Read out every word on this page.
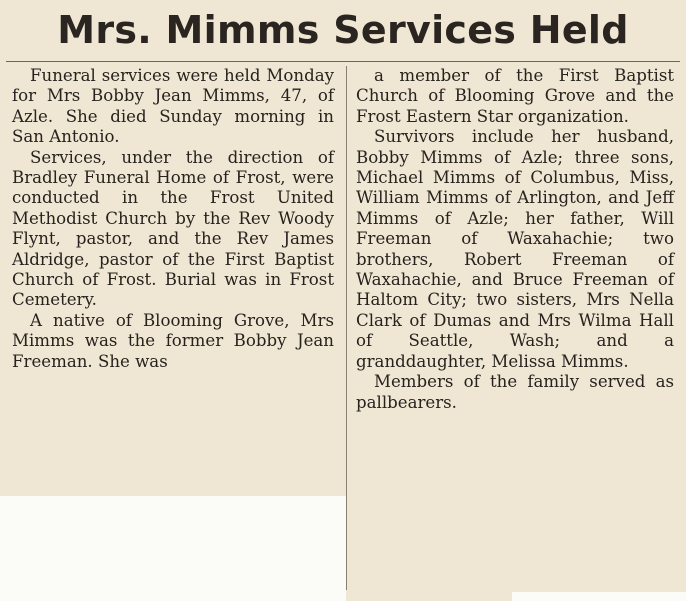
Mrs. Mimms Services Held

Funeral services were held Monday for Mrs Bobby Jean Mimms, 47, of Azle. She died Sunday morning in San Antonio.

Services, under the direction of Bradley Funeral Home of Frost, were conducted in the Frost United Methodist Church by the Rev Woody Flynt, pastor, and the Rev James Aldridge, pastor of the First Baptist Church of Frost. Burial was in Frost Cemetery.

A native of Blooming Grove, Mrs Mimms was the former Bobby Jean Freeman. She was

a member of the First Baptist Church of Blooming Grove and the Frost Eastern Star organization.

Survivors include her husband, Bobby Mimms of Azle; three sons, Michael Mimms of Columbus, Miss, William Mimms of Arlington, and Jeff Mimms of Azle; her father, Will Freeman of Waxahachie; two brothers, Robert Freeman of Waxahachie, and Bruce Freeman of Haltom City; two sisters, Mrs Nella Clark of Dumas and Mrs Wilma Hall of Seattle, Wash; and a granddaughter, Melissa Mimms.

Members of the family served as pallbearers.
